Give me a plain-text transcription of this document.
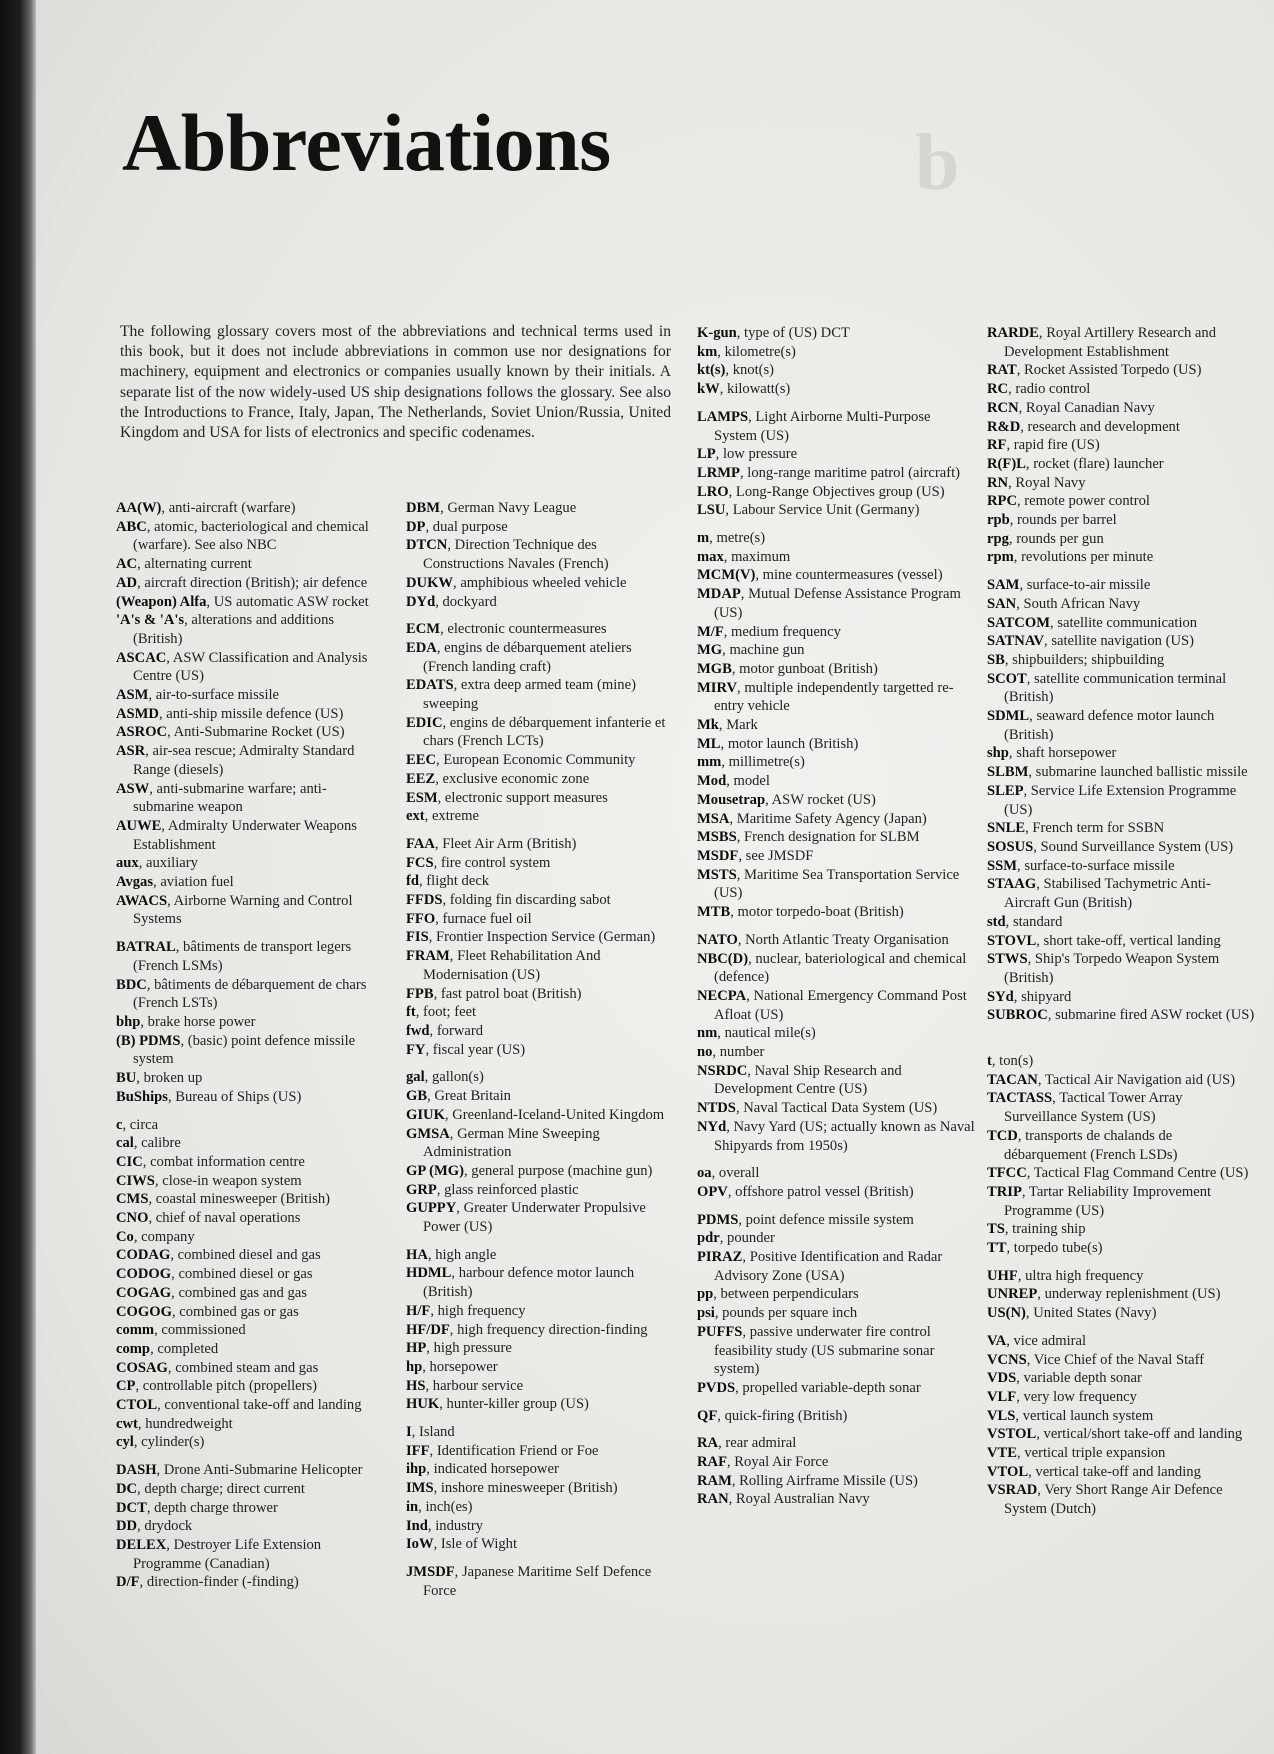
b
Abbreviations

The following glossary covers most of the abbreviations and technical terms used in this book, but it does not include abbreviations in common use nor designations for machinery, equipment and electronics or companies usually known by their initials. A separate list of the now widely-used US ship designations follows the glossary. See also the Introductions to France, Italy, Japan, The Netherlands, Soviet Union/Russia, United Kingdom and USA for lists of electronics and specific codenames.

AA(W), anti-aircraft (warfare)
ABC, atomic, bacteriological and chemical (warfare). See also NBC
AC, alternating current
AD, aircraft direction (British); air defence
(Weapon) Alfa, US automatic ASW rocket
'A's & 'A's, alterations and additions (British)
ASCAC, ASW Classification and Analysis Centre (US)
ASM, air-to-surface missile
ASMD, anti-ship missile defence (US)
ASROC, Anti-Submarine Rocket (US)
ASR, air-sea rescue; Admiralty Standard Range (diesels)
ASW, anti-submarine warfare; anti-submarine weapon
AUWE, Admiralty Underwater Weapons Establishment
aux, auxiliary
Avgas, aviation fuel
AWACS, Airborne Warning and Control Systems
BATRAL, bâtiments de transport legers (French LSMs)
BDC, bâtiments de débarquement de chars (French LSTs)
bhp, brake horse power
(B) PDMS, (basic) point defence missile system
BU, broken up
BuShips, Bureau of Ships (US)
c, circa
cal, calibre
CIC, combat information centre
CIWS, close-in weapon system
CMS, coastal minesweeper (British)
CNO, chief of naval operations
Co, company
CODAG, combined diesel and gas
CODOG, combined diesel or gas
COGAG, combined gas and gas
COGOG, combined gas or gas
comm, commissioned
comp, completed
COSAG, combined steam and gas
CP, controllable pitch (propellers)
CTOL, conventional take-off and landing
cwt, hundredweight
cyl, cylinder(s)
DASH, Drone Anti-Submarine Helicopter
DC, depth charge; direct current
DCT, depth charge thrower
DD, drydock
DELEX, Destroyer Life Extension Programme (Canadian)
D/F, direction-finder (-finding)
DBM, German Navy League
DP, dual purpose
DTCN, Direction Technique des Constructions Navales (French)
DUKW, amphibious wheeled vehicle
DYd, dockyard
ECM, electronic countermeasures
EDA, engins de débarquement ateliers (French landing craft)
EDATS, extra deep armed team (mine) sweeping
EDIC, engins de débarquement infanterie et chars (French LCTs)
EEC, European Economic Community
EEZ, exclusive economic zone
ESM, electronic support measures
ext, extreme
FAA, Fleet Air Arm (British)
FCS, fire control system
fd, flight deck
FFDS, folding fin discarding sabot
FFO, furnace fuel oil
FIS, Frontier Inspection Service (German)
FRAM, Fleet Rehabilitation And Modernisation (US)
FPB, fast patrol boat (British)
ft, foot; feet
fwd, forward
FY, fiscal year (US)
gal, gallon(s)
GB, Great Britain
GIUK, Greenland-Iceland-United Kingdom
GMSA, German Mine Sweeping Administration
GP (MG), general purpose (machine gun)
GRP, glass reinforced plastic
GUPPY, Greater Underwater Propulsive Power (US)
HA, high angle
HDML, harbour defence motor launch (British)
H/F, high frequency
HF/DF, high frequency direction-finding
HP, high pressure
hp, horsepower
HS, harbour service
HUK, hunter-killer group (US)
I, Island
IFF, Identification Friend or Foe
ihp, indicated horsepower
IMS, inshore minesweeper (British)
in, inch(es)
Ind, industry
IoW, Isle of Wight
JMSDF, Japanese Maritime Self Defence Force
K-gun, type of (US) DCT
km, kilometre(s)
kt(s), knot(s)
kW, kilowatt(s)
LAMPS, Light Airborne Multi-Purpose System (US)
LP, low pressure
LRMP, long-range maritime patrol (aircraft)
LRO, Long-Range Objectives group (US)
LSU, Labour Service Unit (Germany)
m, metre(s)
max, maximum
MCM(V), mine countermeasures (vessel)
MDAP, Mutual Defense Assistance Program (US)
M/F, medium frequency
MG, machine gun
MGB, motor gunboat (British)
MIRV, multiple independently targetted re-entry vehicle
Mk, Mark
ML, motor launch (British)
mm, millimetre(s)
Mod, model
Mousetrap, ASW rocket (US)
MSA, Maritime Safety Agency (Japan)
MSBS, French designation for SLBM
MSDF, see JMSDF
MSTS, Maritime Sea Transportation Service (US)
MTB, motor torpedo-boat (British)
NATO, North Atlantic Treaty Organisation
NBC(D), nuclear, bateriological and chemical (defence)
NECPA, National Emergency Command Post Afloat (US)
nm, nautical mile(s)
no, number
NSRDC, Naval Ship Research and Development Centre (US)
NTDS, Naval Tactical Data System (US)
NYd, Navy Yard (US; actually known as Naval Shipyards from 1950s)
oa, overall
OPV, offshore patrol vessel (British)
PDMS, point defence missile system
pdr, pounder
PIRAZ, Positive Identification and Radar Advisory Zone (USA)
pp, between perpendiculars
psi, pounds per square inch
PUFFS, passive underwater fire control feasibility study (US submarine sonar system)
PVDS, propelled variable-depth sonar
QF, quick-firing (British)
RA, rear admiral
RAF, Royal Air Force
RAM, Rolling Airframe Missile (US)
RAN, Royal Australian Navy
RARDE, Royal Artillery Research and Development Establishment
RAT, Rocket Assisted Torpedo (US)
RC, radio control
RCN, Royal Canadian Navy
R&D, research and development
RF, rapid fire (US)
R(F)L, rocket (flare) launcher
RN, Royal Navy
RPC, remote power control
rpb, rounds per barrel
rpg, rounds per gun
rpm, revolutions per minute
SAM, surface-to-air missile
SAN, South African Navy
SATCOM, satellite communication
SATNAV, satellite navigation (US)
SB, shipbuilders; shipbuilding
SCOT, satellite communication terminal (British)
SDML, seaward defence motor launch (British)
shp, shaft horsepower
SLBM, submarine launched ballistic missile
SLEP, Service Life Extension Programme (US)
SNLE, French term for SSBN
SOSUS, Sound Surveillance System (US)
SSM, surface-to-surface missile
STAAG, Stabilised Tachymetric Anti-Aircraft Gun (British)
std, standard
STOVL, short take-off, vertical landing
STWS, Ship's Torpedo Weapon System (British)
SYd, shipyard
SUBROC, submarine fired ASW rocket (US)
t, ton(s)
TACAN, Tactical Air Navigation aid (US)
TACTASS, Tactical Tower Array Surveillance System (US)
TCD, transports de chalands de débarquement (French LSDs)
TFCC, Tactical Flag Command Centre (US)
TRIP, Tartar Reliability Improvement Programme (US)
TS, training ship
TT, torpedo tube(s)
UHF, ultra high frequency
UNREP, underway replenishment (US)
US(N), United States (Navy)
VA, vice admiral
VCNS, Vice Chief of the Naval Staff
VDS, variable depth sonar
VLF, very low frequency
VLS, vertical launch system
VSTOL, vertical/short take-off and landing
VTE, vertical triple expansion
VTOL, vertical take-off and landing
VSRAD, Very Short Range Air Defence System (Dutch)
